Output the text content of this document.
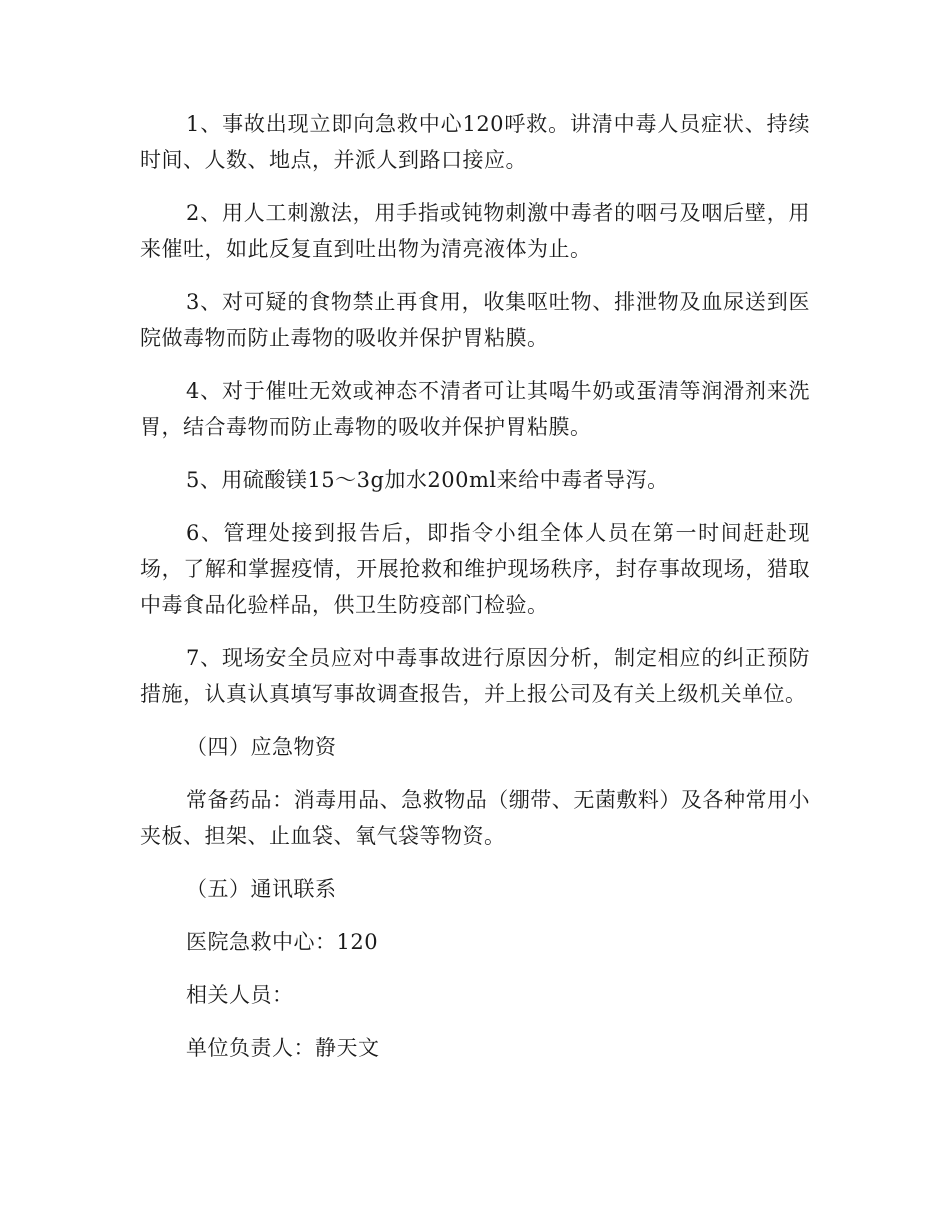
1、事故出现立即向急救中心120呼救。讲清中毒人员症状、持续时间、人数、地点，并派人到路口接应。

2、用人工刺激法，用手指或钝物刺激中毒者的咽弓及咽后壁，用来催吐，如此反复直到吐出物为清亮液体为止。

3、对可疑的食物禁止再食用，收集呕吐物、排泄物及血尿送到医院做毒物而防止毒物的吸收并保护胃粘膜。

4、对于催吐无效或神态不清者可让其喝牛奶或蛋清等润滑剂来洗胃，结合毒物而防止毒物的吸收并保护胃粘膜。

5、用硫酸镁15～3g加水200ml来给中毒者导泻。

6、管理处接到报告后，即指令小组全体人员在第一时间赶赴现场，了解和掌握疫情，开展抢救和维护现场秩序，封存事故现场，猎取中毒食品化验样品，供卫生防疫部门检验。

7、现场安全员应对中毒事故进行原因分析，制定相应的纠正预防措施，认真认真填写事故调查报告，并上报公司及有关上级机关单位。

（四）应急物资

常备药品：消毒用品、急救物品（绷带、无菌敷料）及各种常用小夹板、担架、止血袋、氧气袋等物资。

（五）通讯联系

医院急救中心：120

相关人员：

单位负责人：静天文
